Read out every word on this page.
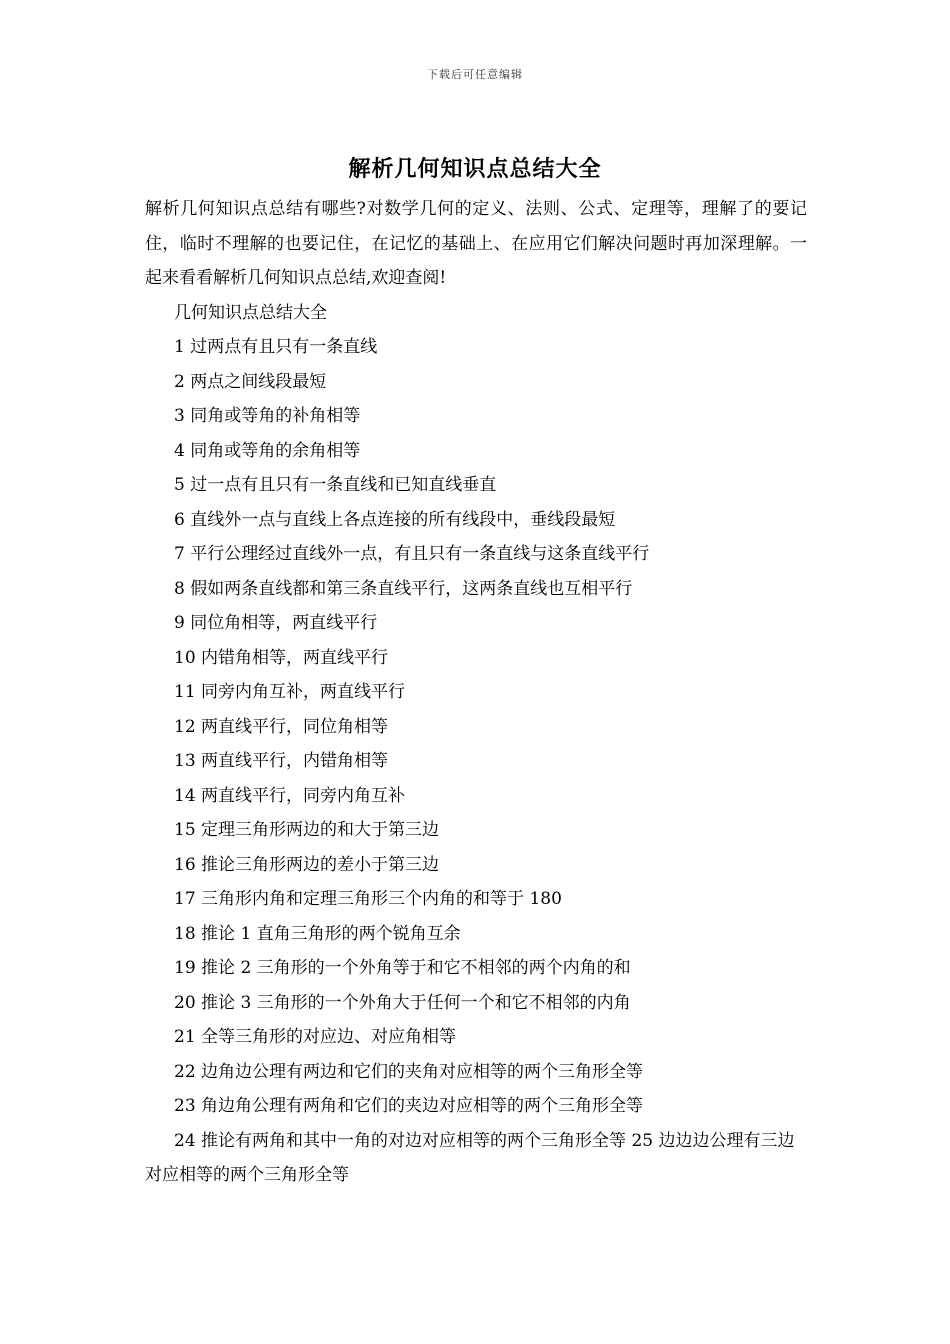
下载后可任意编辑
解析几何知识点总结大全

解析几何知识点总结有哪些?对数学几何的定义、法则、公式、定理等，理解了的要记住，临时不理解的也要记住，在记忆的基础上、在应用它们解决问题时再加深理解。一起来看看解析几何知识点总结,欢迎查阅!

几何知识点总结大全
1 过两点有且只有一条直线
2 两点之间线段最短
3 同角或等角的补角相等
4 同角或等角的余角相等
5 过一点有且只有一条直线和已知直线垂直
6 直线外一点与直线上各点连接的所有线段中，垂线段最短
7 平行公理经过直线外一点，有且只有一条直线与这条直线平行
8 假如两条直线都和第三条直线平行，这两条直线也互相平行
9 同位角相等，两直线平行
10 内错角相等，两直线平行
11 同旁内角互补，两直线平行
12 两直线平行，同位角相等
13 两直线平行，内错角相等
14 两直线平行，同旁内角互补
15 定理三角形两边的和大于第三边
16 推论三角形两边的差小于第三边
17 三角形内角和定理三角形三个内角的和等于 180
18 推论 1 直角三角形的两个锐角互余
19 推论 2 三角形的一个外角等于和它不相邻的两个内角的和
20 推论 3 三角形的一个外角大于任何一个和它不相邻的内角
21 全等三角形的对应边、对应角相等
22 边角边公理有两边和它们的夹角对应相等的两个三角形全等
23 角边角公理有两角和它们的夹边对应相等的两个三角形全等
24 推论有两角和其中一角的对边对应相等的两个三角形全等 25 边边边公理有三边对应相等的两个三角形全等
